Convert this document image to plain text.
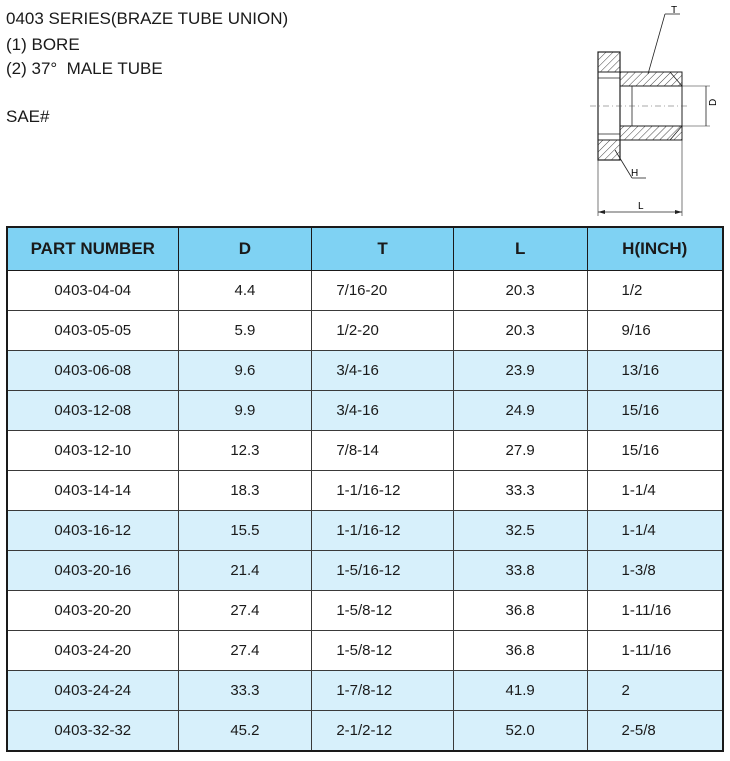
0403 SERIES(BRAZE TUBE UNION)
(1) BORE
(2) 37°  MALE TUBE
SAE#
T
D
H
L
PART NUMBER	D	T	L	H(INCH)
0403-04-04	4.4	7/16-20	20.3	1/2
0403-05-05	5.9	1/2-20	20.3	9/16
0403-06-08	9.6	3/4-16	23.9	13/16
0403-12-08	9.9	3/4-16	24.9	15/16
0403-12-10	12.3	7/8-14	27.9	15/16
0403-14-14	18.3	1-1/16-12	33.3	1-1/4
0403-16-12	15.5	1-1/16-12	32.5	1-1/4
0403-20-16	21.4	1-5/16-12	33.8	1-3/8
0403-20-20	27.4	1-5/8-12	36.8	1-11/16
0403-24-20	27.4	1-5/8-12	36.8	1-11/16
0403-24-24	33.3	1-7/8-12	41.9	2
0403-32-32	45.2	2-1/2-12	52.0	2-5/8
